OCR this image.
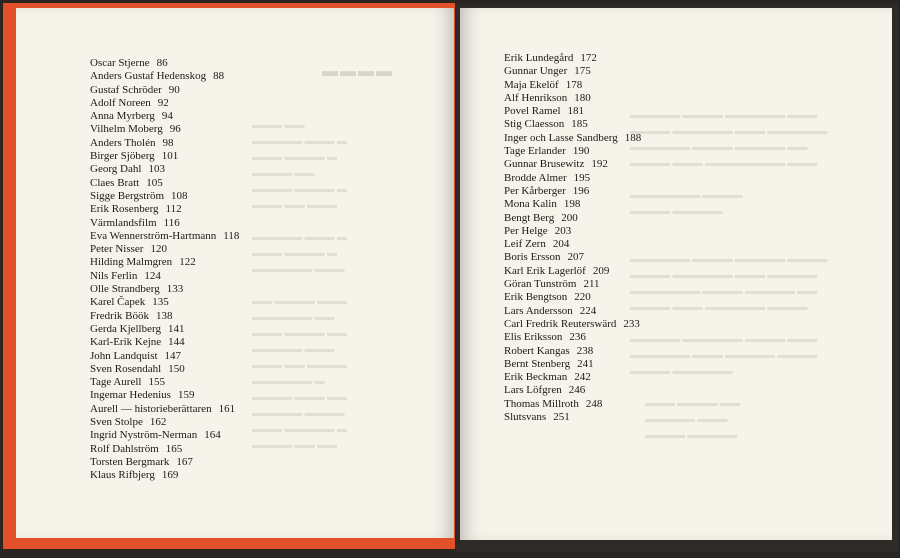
▬▬▬▬
▬▬▬ ▬▬
▬▬▬▬▬ ▬▬▬ ▬
▬▬▬ ▬▬▬▬ ▬
▬▬▬▬ ▬▬
▬▬▬▬ ▬▬▬▬ ▬
▬▬▬ ▬▬ ▬▬▬

▬▬▬▬▬ ▬▬▬ ▬
▬▬▬ ▬▬▬▬ ▬
▬▬▬▬▬▬ ▬▬▬

▬▬ ▬▬▬▬ ▬▬▬
▬▬▬▬▬▬ ▬▬
▬▬▬ ▬▬▬▬ ▬▬
▬▬▬▬▬ ▬▬▬
▬▬▬ ▬▬ ▬▬▬▬
▬▬▬▬▬▬ ▬
▬▬▬▬ ▬▬▬ ▬▬
▬▬▬▬▬ ▬▬▬▬
▬▬▬ ▬▬▬▬▬ ▬
▬▬▬▬ ▬▬ ▬▬
Oscar Stjerne 86
Anders Gustaf Hedenskog 88
Gustaf Schröder 90
Adolf Noreen 92
Anna Myrberg 94
Vilhelm Moberg 96
Anders Tholén 98
Birger Sjöberg 101
Georg Dahl 103
Claes Bratt 105
Sigge Bergström 108
Erik Rosenberg 112
Värmlandsfilm 116
Eva Wennerström-Hartmann 118
Peter Nisser 120
Hilding Malmgren 122
Nils Ferlin 124
Olle Strandberg 133
Karel Čapek 135
Fredrik Böök 138
Gerda Kjellberg 141
Karl-Erik Kejne 144
John Landquist 147
Sven Rosendahl 150
Tage Aurell 155
Ingemar Hedenius 159
Aurell — historieberättaren 161
Sven Stolpe 162
Ingrid Nyström-Nerman 164
Rolf Dahlström 165
Torsten Bergmark 167
Klaus Rifbjerg 169
▬▬▬▬▬ ▬▬▬▬ ▬▬▬▬▬▬ ▬▬▬
▬▬▬▬ ▬▬▬▬▬▬ ▬▬▬ ▬▬▬▬▬▬
▬▬▬▬▬▬ ▬▬▬▬ ▬▬▬▬▬ ▬▬
▬▬▬▬ ▬▬▬ ▬▬▬▬▬▬▬▬ ▬▬▬

▬▬▬▬▬▬▬ ▬▬▬▬
▬▬▬▬ ▬▬▬▬▬

▬▬▬▬▬▬ ▬▬▬▬ ▬▬▬▬▬ ▬▬▬▬
▬▬▬▬ ▬▬▬▬▬▬ ▬▬▬ ▬▬▬▬▬
▬▬▬▬▬▬▬ ▬▬▬▬ ▬▬▬▬▬ ▬▬
▬▬▬▬ ▬▬▬ ▬▬▬▬▬▬ ▬▬▬▬

▬▬▬▬▬ ▬▬▬▬▬▬ ▬▬▬▬ ▬▬▬
▬▬▬▬▬▬ ▬▬▬ ▬▬▬▬▬ ▬▬▬▬
▬▬▬▬ ▬▬▬▬▬▬

▬▬▬ ▬▬▬▬ ▬▬
▬▬▬▬▬ ▬▬▬
▬▬▬▬ ▬▬▬▬▬
Erik Lundegård 172
Gunnar Unger 175
Maja Ekelöf 178
Alf Henrikson 180
Povel Ramel 181
Stig Claesson 185
Inger och Lasse Sandberg 188
Tage Erlander 190
Gunnar Brusewitz 192
Brodde Almer 195
Per Kårberger 196
Mona Kalin 198
Bengt Berg 200
Per Helge 203
Leif Zern 204
Boris Ersson 207
Karl Erik Lagerlöf 209
Göran Tunström 211
Erik Bengtson 220
Lars Andersson 224
Carl Fredrik Reuterswärd 233
Elis Eriksson 236
Robert Kangas 238
Bernt Stenberg 241
Erik Beckman 242
Lars Löfgren 246
Thomas Millroth 248
Slutsvans 251
